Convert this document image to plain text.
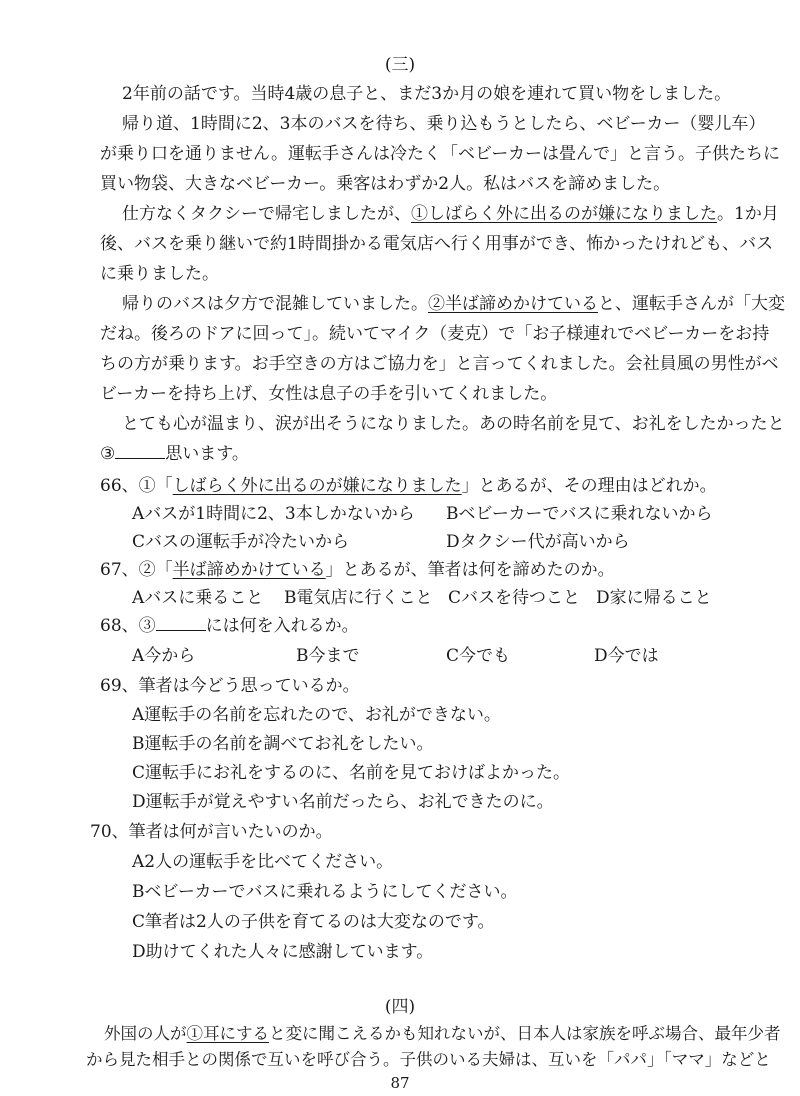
(三)
2年前の話です。当時4歳の息子と、まだ3か月の娘を連れて買い物をしました。
帰り道、1時間に2、3本のバスを待ち、乗り込もうとしたら、ベビーカー（婴儿车）
が乗り口を通りません。運転手さんは冷たく「ベビーカーは畳んで」と言う。子供たちに
買い物袋、大きなベビーカー。乗客はわずか2人。私はバスを諦めました。
仕方なくタクシーで帰宅しましたが、①しばらく外に出るのが嫌になりました。1か月
後、バスを乗り継いで約1時間掛かる電気店へ行く用事ができ、怖かったけれども、バス
に乗りました。
帰りのバスは夕方で混雑していました。②半ば諦めかけていると、運転手さんが「大変
だね。後ろのドアに回って」。続いてマイク（麦克）で「お子様連れでベビーカーをお持
ちの方が乗ります。お手空きの方はご協力を」と言ってくれました。会社員風の男性がベ
ビーカーを持ち上げ、女性は息子の手を引いてくれました。
とても心が温まり、涙が出そうになりました。あの時名前を見て、お礼をしたかったと
③	思います。
66、①「しばらく外に出るのが嫌になりました」とあるが、その理由はどれか。
Aバスが1時間に2、3本しかないから Bベビーカーでバスに乗れないから
Cバスの運転手が冷たいから	Dタクシー代が高いから
67、②「半ば諦めかけている」とあるが、筆者は何を諦めたのか。
Aバスに乗ること B電気店に行くこと Cバスを待つこと D家に帰ること
68、③	には何を入れるか。
A今から	B今まで	C今でも	D今では
69、筆者は今どう思っているか。
A運転手の名前を忘れたので、お礼ができない。
B運転手の名前を調べてお礼をしたい。
C運転手にお礼をするのに、名前を見ておけばよかった。
D運転手が覚えやすい名前だったら、お礼できたのに。
70、筆者は何が言いたいのか。
A2人の運転手を比べてください。
Bベビーカーでバスに乗れるようにしてください。
C筆者は2人の子供を育てるのは大変なのです。
D助けてくれた人々に感謝しています。
(四)
外国の人が①耳にすると変に聞こえるかも知れないが、日本人は家族を呼ぶ場合、最年少者
から見た相手との関係で互いを呼び合う。子供のいる夫婦は、互いを「パパ」「ママ」などと
87
